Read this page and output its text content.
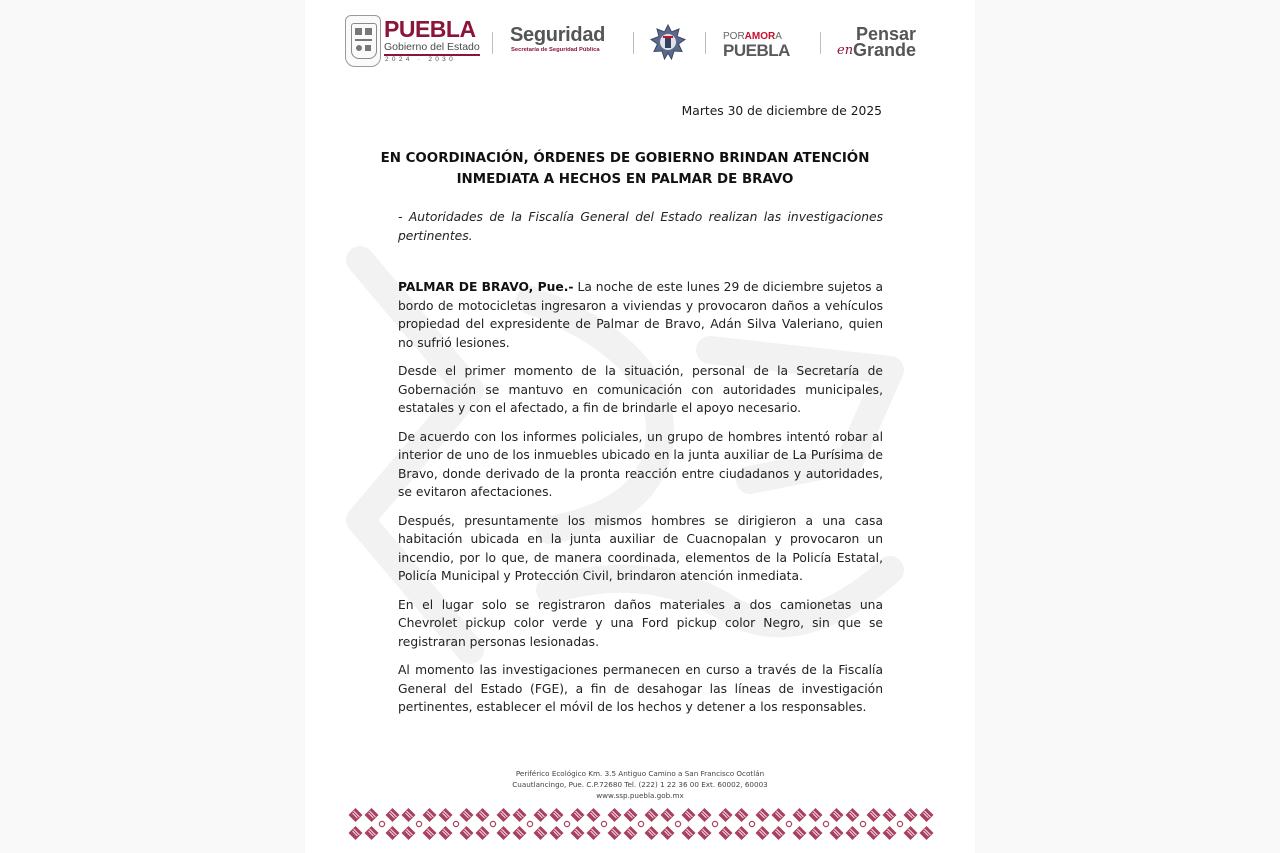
PUEBLA
Gobierno del Estado
2024 · 2030
Seguridad
Secretaría de Seguridad Pública
PORAMORA
PUEBLA
Pensar
en Grande
Martes 30 de diciembre de 2025
EN COORDINACIÓN, ÓRDENES DE GOBIERNO BRINDAN ATENCIÓN
INMEDIATA A HECHOS EN PALMAR DE BRAVO
- Autoridades de la Fiscalía General del Estado realizan las investigaciones pertinentes.

PALMAR DE BRAVO, Pue.- La noche de este lunes 29 de diciembre sujetos a bordo de motocicletas ingresaron a viviendas y provocaron daños a vehículos propiedad del expresidente de Palmar de Bravo, Adán Silva Valeriano, quien no sufrió lesiones.

Desde el primer momento de la situación, personal de la Secretaría de Gobernación se mantuvo en comunicación con autoridades municipales, estatales y con el afectado, a fin de brindarle el apoyo necesario.

De acuerdo con los informes policiales, un grupo de hombres intentó robar al interior de uno de los inmuebles ubicado en la junta auxiliar de La Purísima de Bravo, donde derivado de la pronta reacción entre ciudadanos y autoridades, se evitaron afectaciones.

Después, presuntamente los mismos hombres se dirigieron a una casa habitación ubicada en la junta auxiliar de Cuacnopalan y provocaron un incendio, por lo que, de manera coordinada, elementos de la Policía Estatal, Policía Municipal y Protección Civil, brindaron atención inmediata.

En el lugar solo se registraron daños materiales a dos camionetas una Chevrolet pickup color verde y una Ford pickup color Negro, sin que se registraran personas lesionadas.

Al momento las investigaciones permanecen en curso a través de la Fiscalía General del Estado (FGE), a fin de desahogar las líneas de investigación pertinentes, establecer el móvil de los hechos y detener a los responsables.

Periférico Ecológico Km. 3.5 Antiguo Camino a San Francisco Ocotlán
Cuautlancingo, Pue. C.P.72680 Tel. (222) 1 22 36 00 Ext. 60002, 60003
www.ssp.puebla.gob.mx
